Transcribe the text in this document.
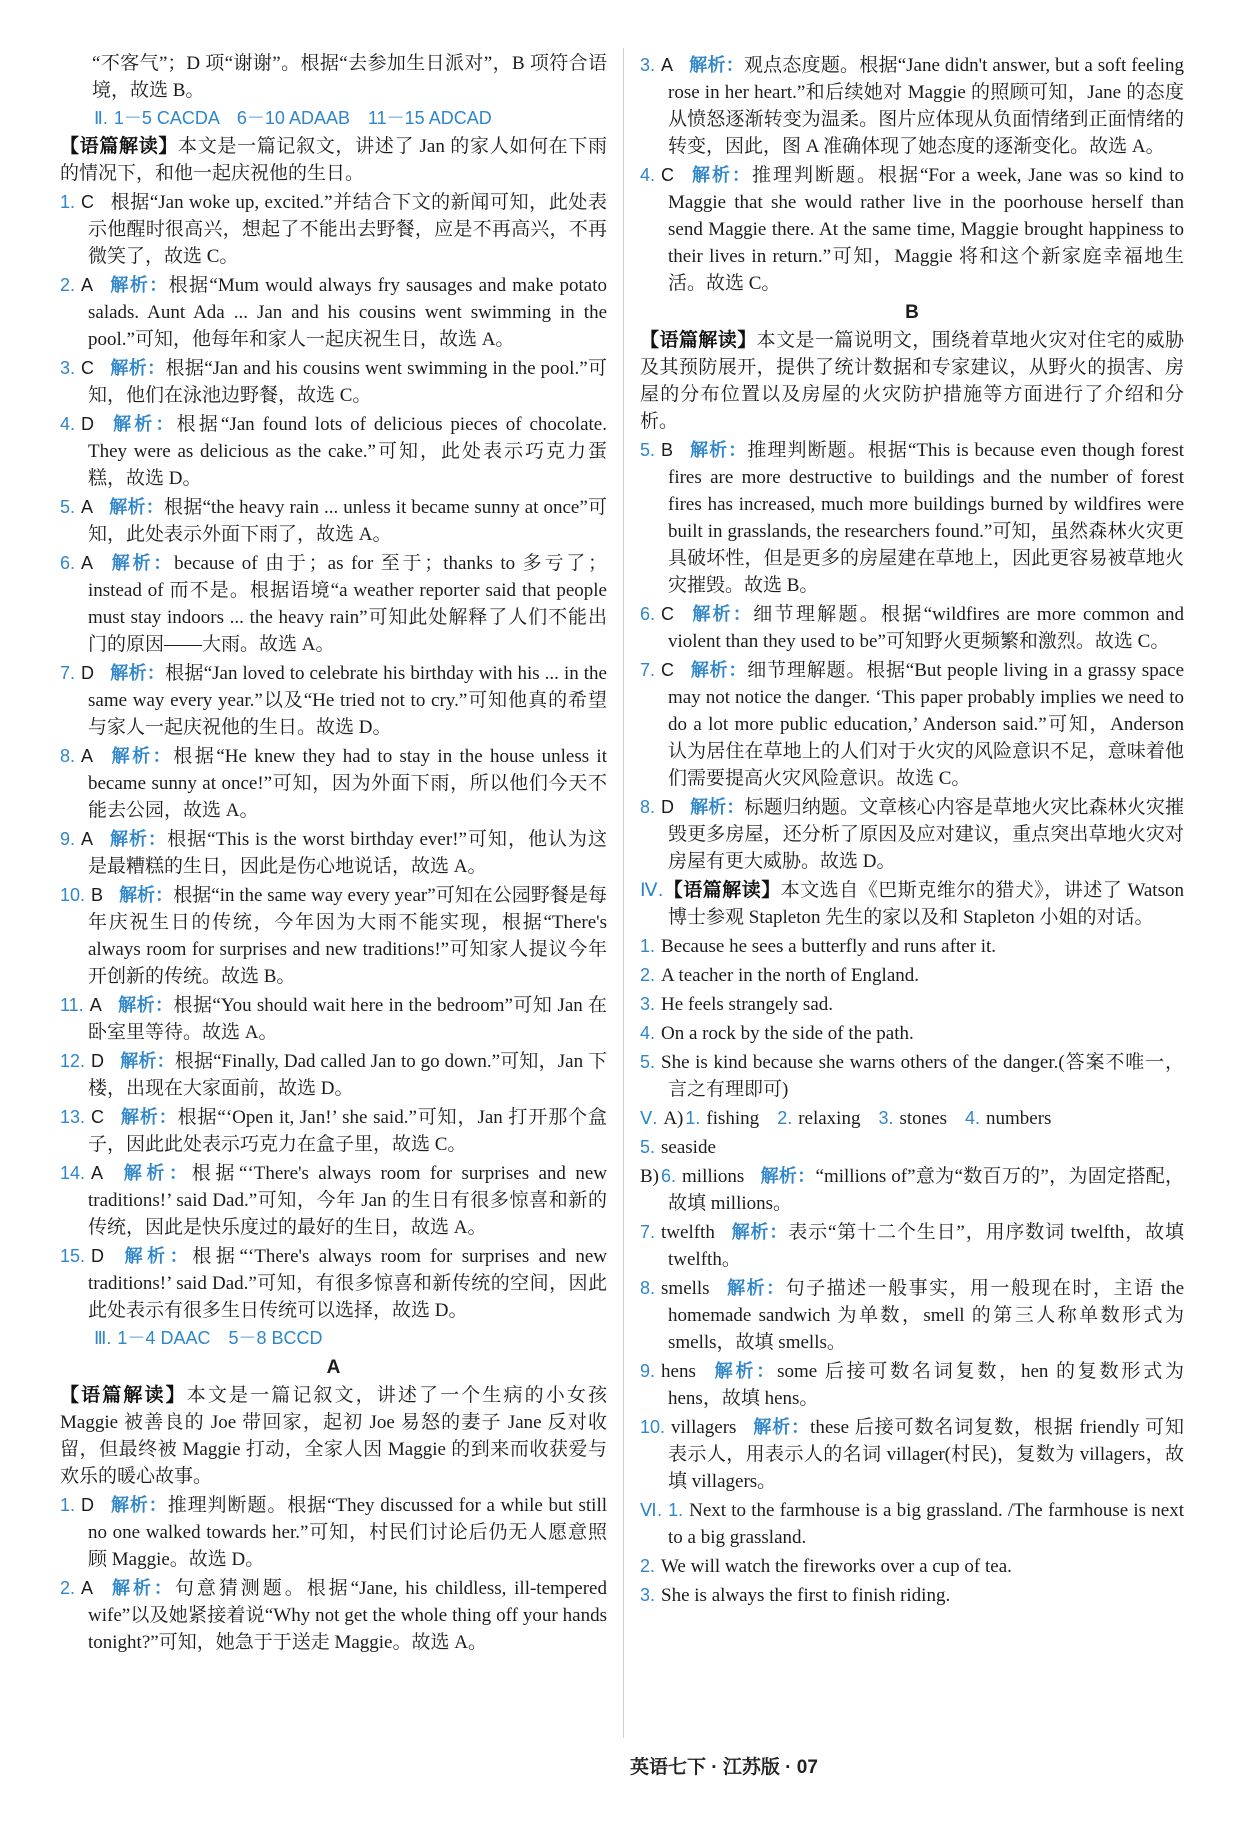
“不客气”；D 项“谢谢”。根据“去参加生日派对”，B 项符合语境，故选 B。
Ⅱ. 1－5 CACDA　6－10 ADAAB　11－15 ADCAD
【语篇解读】本文是一篇记叙文，讲述了 Jan 的家人如何在下雨的情况下，和他一起庆祝他的生日。
1. C 根据“Jan woke up, excited.”并结合下文的新闻可知，此处表示他醒时很高兴，想起了不能出去野餐，应是不再高兴，不再微笑了，故选 C。
2. A 解析：根据“Mum would always fry sausages and make potato salads. Aunt Ada ... Jan and his cousins went swimming in the pool.”可知，他每年和家人一起庆祝生日，故选 A。
3. C 解析：根据“Jan and his cousins went swimming in the pool.”可知，他们在泳池边野餐，故选 C。
4. D 解析：根据“Jan found lots of delicious pieces of chocolate. They were as delicious as the cake.”可知，此处表示巧克力蛋糕，故选 D。
5. A 解析：根据“the heavy rain ... unless it became sunny at once”可知，此处表示外面下雨了，故选 A。
6. A 解析：because of 由于；as for 至于；thanks to 多亏了；instead of 而不是。根据语境“a weather reporter said that people must stay indoors ... the heavy rain”可知此处解释了人们不能出门的原因——大雨。故选 A。
7. D 解析：根据“Jan loved to celebrate his birthday with his ... in the same way every year.”以及“He tried not to cry.”可知他真的希望与家人一起庆祝他的生日。故选 D。
8. A 解析：根据“He knew they had to stay in the house unless it became sunny at once!”可知，因为外面下雨，所以他们今天不能去公园，故选 A。
9. A 解析：根据“This is the worst birthday ever!”可知，他认为这是最糟糕的生日，因此是伤心地说话，故选 A。
10. B 解析：根据“in the same way every year”可知在公园野餐是每年庆祝生日的传统，今年因为大雨不能实现，根据“There's always room for surprises and new traditions!”可知家人提议今年开创新的传统。故选 B。
11. A 解析：根据“You should wait here in the bedroom”可知 Jan 在卧室里等待。故选 A。
12. D 解析：根据“Finally, Dad called Jan to go down.”可知，Jan 下楼，出现在大家面前，故选 D。
13. C 解析：根据“‘Open it, Jan!’ she said.”可知，Jan 打开那个盒子，因此此处表示巧克力在盒子里，故选 C。
14. A 解析：根据“‘There's always room for surprises and new traditions!’ said Dad.”可知，今年 Jan 的生日有很多惊喜和新的传统，因此是快乐度过的最好的生日，故选 A。
15. D 解析：根据“‘There's always room for surprises and new traditions!’ said Dad.”可知，有很多惊喜和新传统的空间，因此此处表示有很多生日传统可以选择，故选 D。
Ⅲ. 1－4 DAAC　5－8 BCCD
A
【语篇解读】本文是一篇记叙文，讲述了一个生病的小女孩 Maggie 被善良的 Joe 带回家，起初 Joe 易怒的妻子 Jane 反对收留，但最终被 Maggie 打动，全家人因 Maggie 的到来而收获爱与欢乐的暖心故事。
1. D 解析：推理判断题。根据“They discussed for a while but still no one walked towards her.”可知，村民们讨论后仍无人愿意照顾 Maggie。故选 D。
2. A 解析：句意猜测题。根据“Jane, his childless, ill-tempered wife”以及她紧接着说“Why not get the whole thing off your hands tonight?”可知，她急于于送走 Maggie。故选 A。
3. A 解析：观点态度题。根据“Jane didn't answer, but a soft feeling rose in her heart.”和后续她对 Maggie 的照顾可知，Jane 的态度从愤怒逐渐转变为温柔。图片应体现从负面情绪到正面情绪的转变，因此，图 A 准确体现了她态度的逐渐变化。故选 A。
4. C 解析：推理判断题。根据“For a week, Jane was so kind to Maggie that she would rather live in the poorhouse herself than send Maggie there. At the same time, Maggie brought happiness to their lives in return.”可知，Maggie 将和这个新家庭幸福地生活。故选 C。
B
【语篇解读】本文是一篇说明文，围绕着草地火灾对住宅的威胁及其预防展开，提供了统计数据和专家建议，从野火的损害、房屋的分布位置以及房屋的火灾防护措施等方面进行了介绍和分析。
5. B 解析：推理判断题。根据“This is because even though forest fires are more destructive to buildings and the number of forest fires has increased, much more buildings burned by wildfires were built in grasslands, the researchers found.”可知，虽然森林火灾更具破坏性，但是更多的房屋建在草地上，因此更容易被草地火灾摧毁。故选 B。
6. C 解析：细节理解题。根据“wildfires are more common and violent than they used to be”可知野火更频繁和激烈。故选 C。
7. C 解析：细节理解题。根据“But people living in a grassy space may not notice the danger. ‘This paper probably implies we need to do a lot more public education,’ Anderson said.”可知，Anderson 认为居住在草地上的人们对于火灾的风险意识不足，意味着他们需要提高火灾风险意识。故选 C。
8. D 解析：标题归纳题。文章核心内容是草地火灾比森林火灾摧毁更多房屋，还分析了原因及应对建议，重点突出草地火灾对房屋有更大威胁。故选 D。
Ⅳ.【语篇解读】本文选自《巴斯克维尔的猎犬》，讲述了 Watson 博士参观 Stapleton 先生的家以及和 Stapleton 小姐的对话。
1. Because he sees a butterfly and runs after it.
2. A teacher in the north of England.
3. He feels strangely sad.
4. On a rock by the side of the path.
5. She is kind because she warns others of the danger.(答案不唯一，言之有理即可)
Ⅴ. A) 1. fishing 2. relaxing 3. stones 4. numbers
5. seaside
B) 6. millions 解析：“millions of”意为“数百万的”，为固定搭配，故填 millions。
7. twelfth 解析：表示“第十二个生日”，用序数词 twelfth，故填 twelfth。
8. smells 解析：句子描述一般事实，用一般现在时，主语 the homemade sandwich 为单数，smell 的第三人称单数形式为 smells，故填 smells。
9. hens 解析：some 后接可数名词复数，hen 的复数形式为 hens，故填 hens。
10. villagers 解析：these 后接可数名词复数，根据 friendly 可知表示人，用表示人的名词 villager(村民)，复数为 villagers，故填 villagers。
Ⅵ. 1. Next to the farmhouse is a big grassland. /The farmhouse is next to a big grassland.
2. We will watch the fireworks over a cup of tea.
3. She is always the first to finish riding.
英语七下 · 江苏版 · 07
